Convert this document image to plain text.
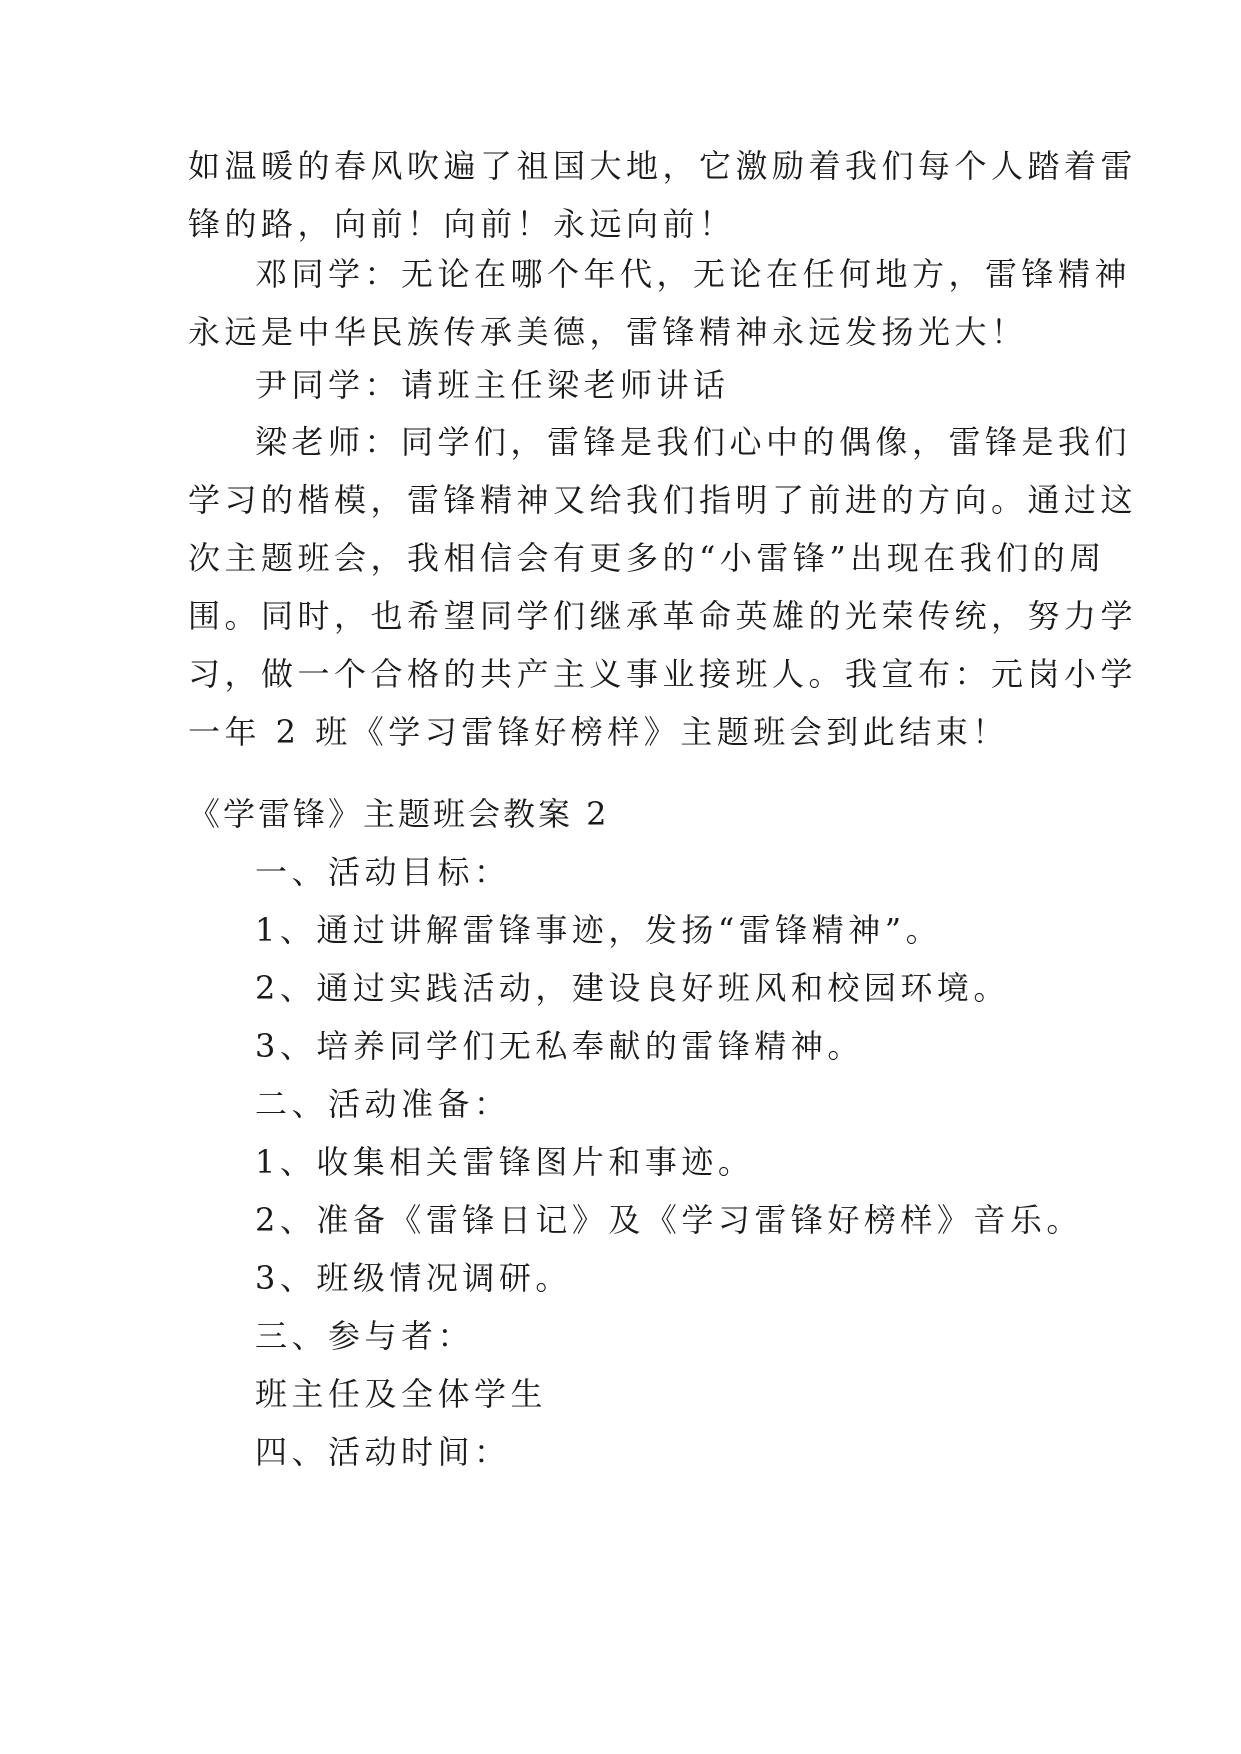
如温暖的春风吹遍了祖国大地，它激励着我们每个人踏着雷
锋的路，向前！向前！永远向前！
邓同学：无论在哪个年代，无论在任何地方，雷锋精神
永远是中华民族传承美德，雷锋精神永远发扬光大！
尹同学：请班主任梁老师讲话
梁老师：同学们，雷锋是我们心中的偶像，雷锋是我们
学习的楷模，雷锋精神又给我们指明了前进的方向。通过这
次主题班会，我相信会有更多的“小雷锋”出现在我们的周
围。同时，也希望同学们继承革命英雄的光荣传统，努力学
习，做一个合格的共产主义事业接班人。我宣布：元岗小学
一年 2 班《学习雷锋好榜样》主题班会到此结束！
《学雷锋》主题班会教案 2
一、活动目标：
1、通过讲解雷锋事迹，发扬“雷锋精神”。
2、通过实践活动，建设良好班风和校园环境。
3、培养同学们无私奉献的雷锋精神。
二、活动准备：
1、收集相关雷锋图片和事迹。
2、准备《雷锋日记》及《学习雷锋好榜样》音乐。
3、班级情况调研。
三、参与者：
班主任及全体学生
四、活动时间：
